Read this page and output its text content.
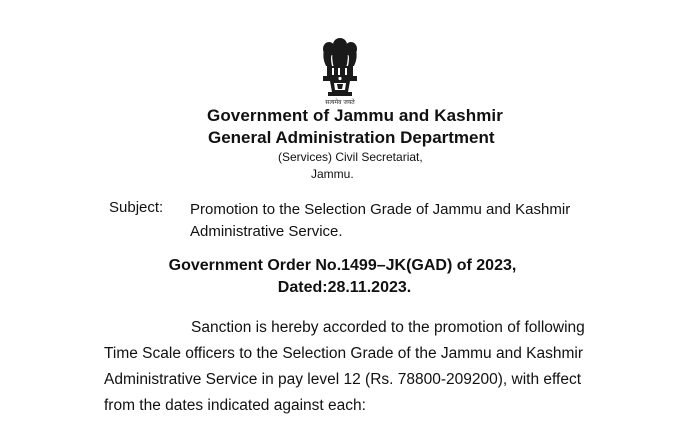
सत्यमेव जयते
Government of Jammu and Kashmir
General Administration Department
(Services) Civil Secretariat,
Jammu.
Subject: Promotion to the Selection Grade of Jammu and Kashmir
Administrative Service.
Government Order No.1499–JK(GAD) of 2023,
Dated:28.11.2023.
Sanction is hereby accorded to the promotion of following
Time Scale officers to the Selection Grade of the Jammu and Kashmir
Administrative Service in pay level 12 (Rs. 78800-209200), with effect
from the dates indicated against each:
